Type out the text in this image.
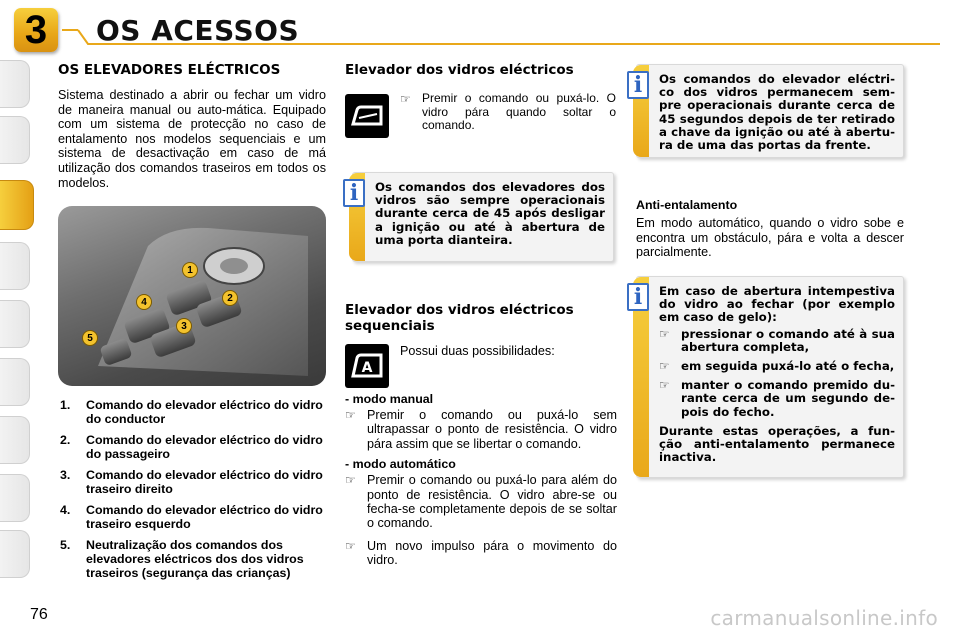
3 OS ACESSOS
OS ELEVADORES ELÉCTRICOS
Sistema destinado a abrir ou fechar um vidro de maneira manual ou auto-mática. Equipado com um sistema de protecção no caso de entalamento nos modelos sequenciais e um sistema de desactivação em caso de má utilização dos comandos traseiros em todos os modelos.
1
2
3
4
5
1.	Comando do elevador eléctrico do vidro do conductor
2.	Comando do elevador eléctrico do vidro do passageiro
3.	Comando do elevador eléctrico do vidro traseiro direito
4.	Comando do elevador eléctrico do vidro traseiro esquerdo
5.	Neutralização dos comandos dos elevadores eléctricos dos dos vidros traseiros (segurança das crianças)
Elevador dos vidros eléctricos
☞ Premir o comando ou puxá-lo. O vidro pára quando soltar o comando.
i	Os comandos dos elevadores dos vidros são sempre operacionais durante cerca de 45 após desligar a ignição ou até à abertura de uma porta dianteira.
Elevador dos vidros eléctricos sequenciais
A
Possui duas possibilidades:
- modo manual
☞ Premir o comando ou puxá-lo sem ultrapassar o ponto de resistência. O vidro pára assim que se libertar o comando.
- modo automático
☞ Premir o comando ou puxá-lo para além do ponto de resistência. O vidro abre-se ou fecha-se completamente depois de se soltar o comando.
☞ Um novo impulso pára o movimento do vidro.
i	Os comandos do elevador eléctri-co dos vidros permanecem sem-pre operacionais durante cerca de 45 segundos depois de ter retirado a chave da ignição ou até à abertu-ra de uma das portas da frente.
Anti-entalamento
Em modo automático, quando o vidro sobe e encontra um obstáculo, pára e volta a descer parcialmente.
i	Em caso de abertura intempestiva do vidro ao fechar (por exemplo em caso de gelo):
☞ pressionar o comando até à sua abertura completa,
☞ em seguida puxá-lo até o fecha,
☞ manter o comando premido du-rante cerca de um segundo de-pois do fecho.
Durante estas operações, a fun-ção anti-entalamento permanece inactiva.
76	carmanualsonline.info
